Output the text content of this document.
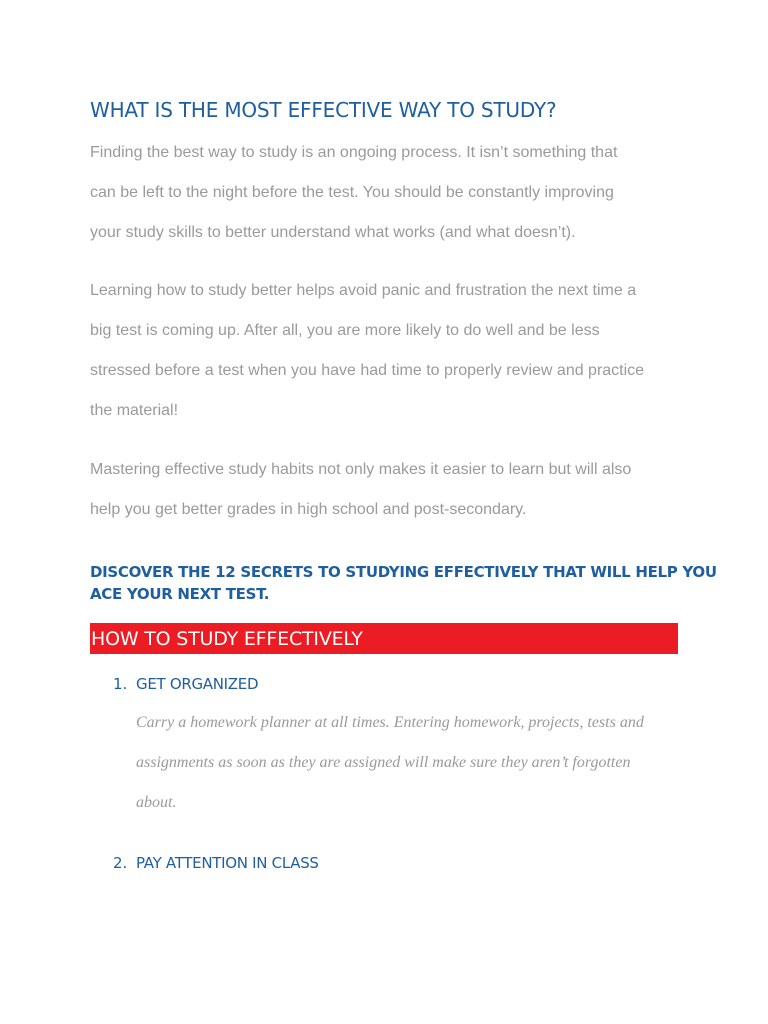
WHAT IS THE MOST EFFECTIVE WAY TO STUDY?

Finding the best way to study is an ongoing process. It isn’t something that
can be left to the night before the test. You should be constantly improving
your study skills to better understand what works (and what doesn’t).

Learning how to study better helps avoid panic and frustration the next time a
big test is coming up. After all, you are more likely to do well and be less
stressed before a test when you have had time to properly review and practice
the material!

Mastering effective study habits not only makes it easier to learn but will also
help you get better grades in high school and post-secondary.

DISCOVER THE 12 SECRETS TO STUDYING EFFECTIVELY THAT WILL HELP YOU
ACE YOUR NEXT TEST.
HOW TO STUDY EFFECTIVELY
1. GET ORGANIZED

Carry a homework planner at all times. Entering homework, projects, tests and
assignments as soon as they are assigned will make sure they aren’t forgotten
about.

2. PAY ATTENTION IN CLASS
